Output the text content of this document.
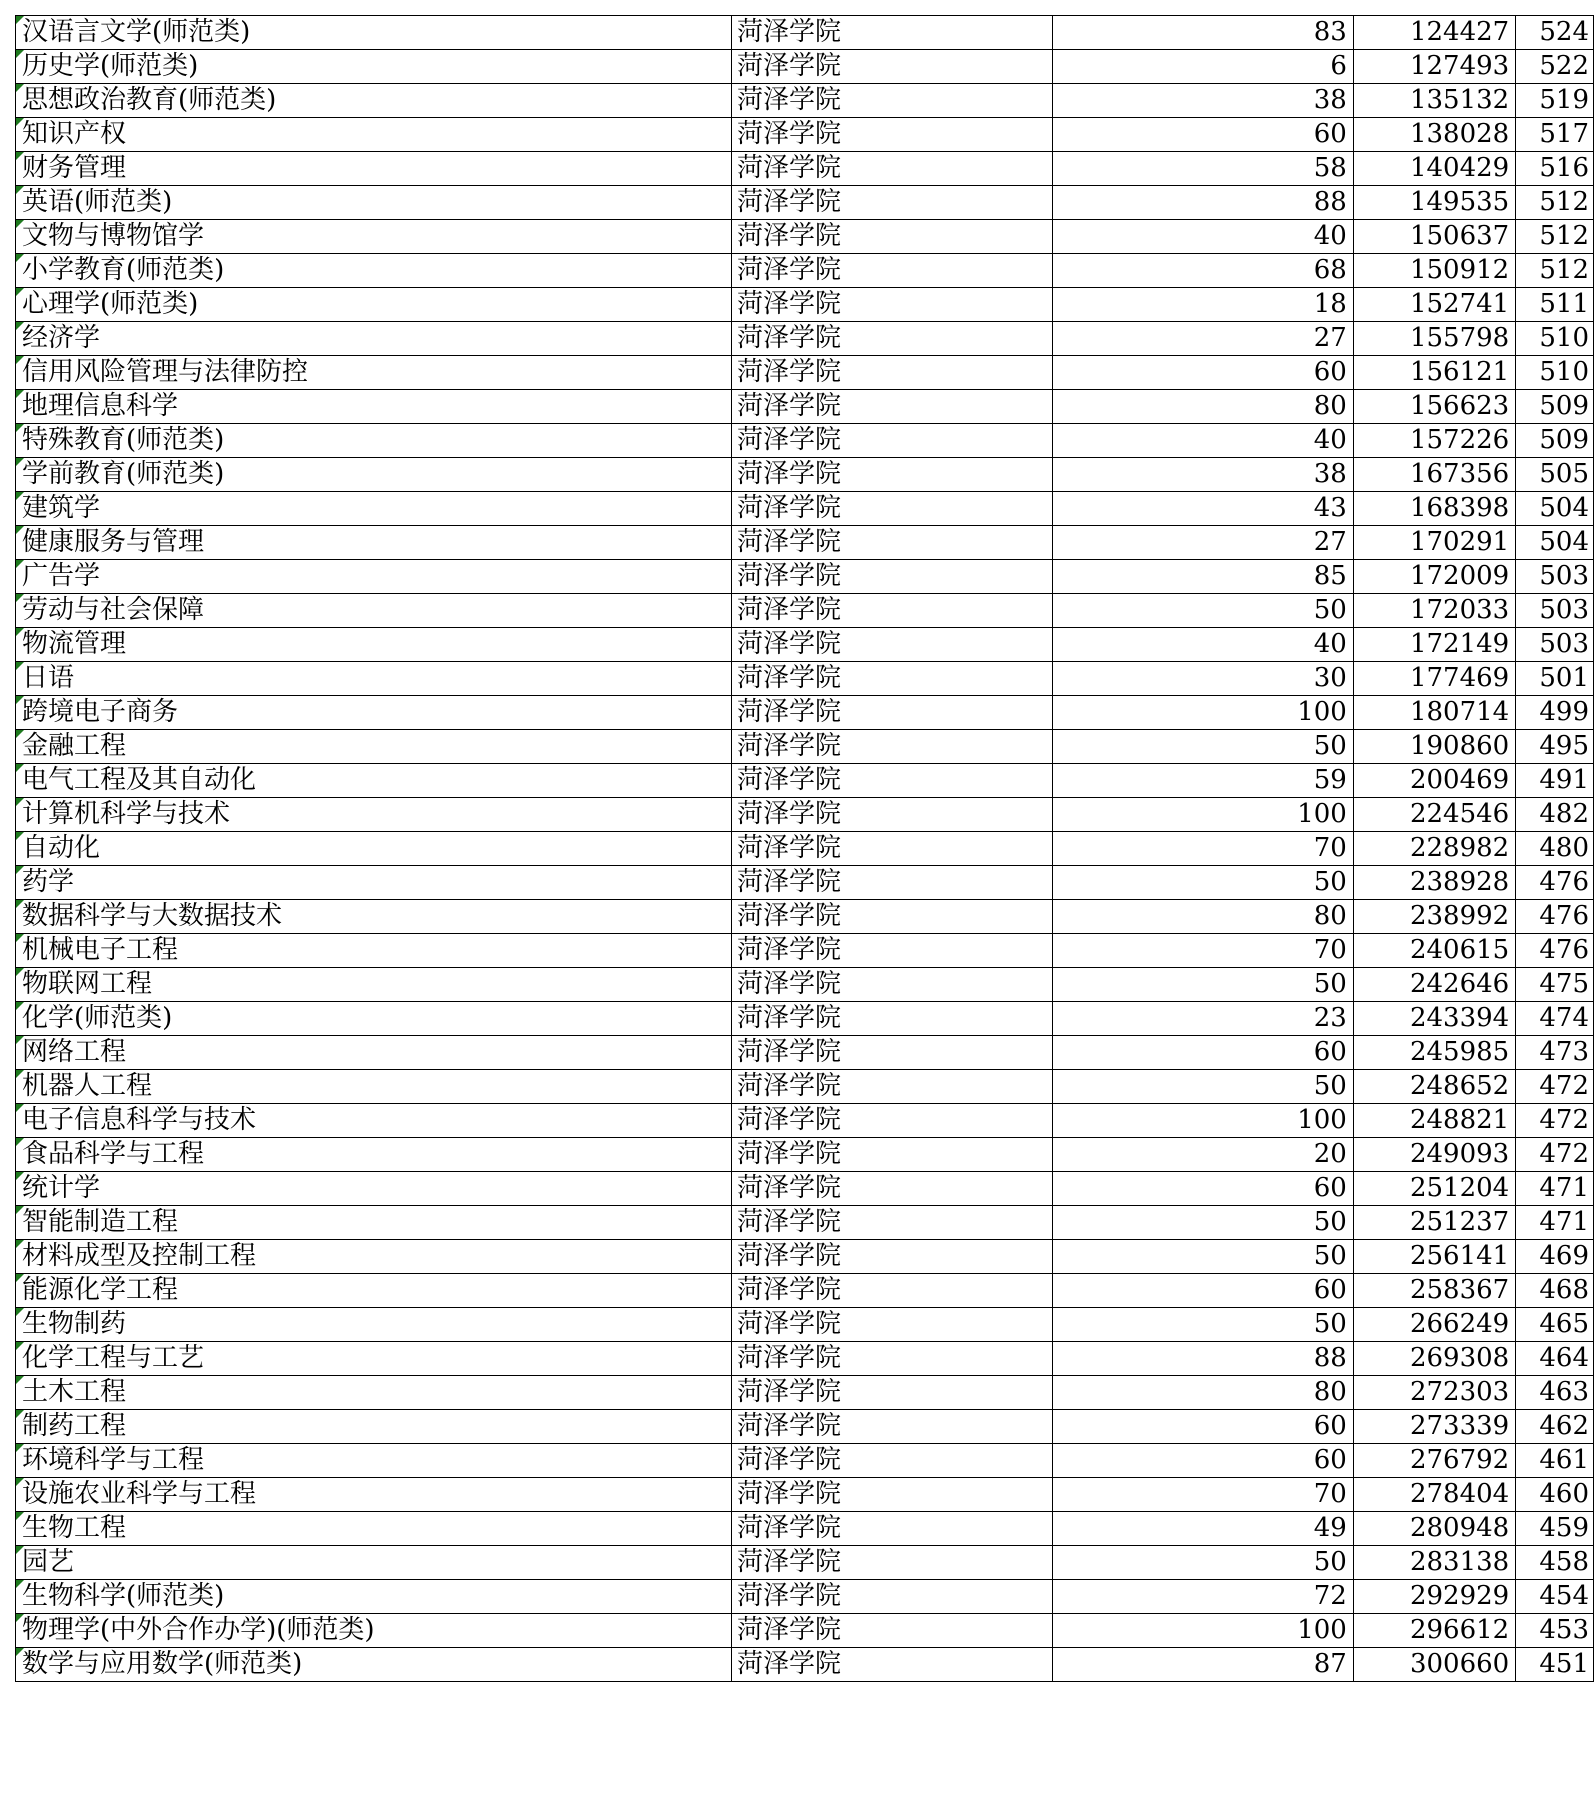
汉语言文学(师范类)	菏泽学院	83	124427	524
历史学(师范类)	菏泽学院	6	127493	522
思想政治教育(师范类)	菏泽学院	38	135132	519
知识产权	菏泽学院	60	138028	517
财务管理	菏泽学院	58	140429	516
英语(师范类)	菏泽学院	88	149535	512
文物与博物馆学	菏泽学院	40	150637	512
小学教育(师范类)	菏泽学院	68	150912	512
心理学(师范类)	菏泽学院	18	152741	511
经济学	菏泽学院	27	155798	510
信用风险管理与法律防控	菏泽学院	60	156121	510
地理信息科学	菏泽学院	80	156623	509
特殊教育(师范类)	菏泽学院	40	157226	509
学前教育(师范类)	菏泽学院	38	167356	505
建筑学	菏泽学院	43	168398	504
健康服务与管理	菏泽学院	27	170291	504
广告学	菏泽学院	85	172009	503
劳动与社会保障	菏泽学院	50	172033	503
物流管理	菏泽学院	40	172149	503
日语	菏泽学院	30	177469	501
跨境电子商务	菏泽学院	100	180714	499
金融工程	菏泽学院	50	190860	495
电气工程及其自动化	菏泽学院	59	200469	491
计算机科学与技术	菏泽学院	100	224546	482
自动化	菏泽学院	70	228982	480
药学	菏泽学院	50	238928	476
数据科学与大数据技术	菏泽学院	80	238992	476
机械电子工程	菏泽学院	70	240615	476
物联网工程	菏泽学院	50	242646	475
化学(师范类)	菏泽学院	23	243394	474
网络工程	菏泽学院	60	245985	473
机器人工程	菏泽学院	50	248652	472
电子信息科学与技术	菏泽学院	100	248821	472
食品科学与工程	菏泽学院	20	249093	472
统计学	菏泽学院	60	251204	471
智能制造工程	菏泽学院	50	251237	471
材料成型及控制工程	菏泽学院	50	256141	469
能源化学工程	菏泽学院	60	258367	468
生物制药	菏泽学院	50	266249	465
化学工程与工艺	菏泽学院	88	269308	464
土木工程	菏泽学院	80	272303	463
制药工程	菏泽学院	60	273339	462
环境科学与工程	菏泽学院	60	276792	461
设施农业科学与工程	菏泽学院	70	278404	460
生物工程	菏泽学院	49	280948	459
园艺	菏泽学院	50	283138	458
生物科学(师范类)	菏泽学院	72	292929	454
物理学(中外合作办学)(师范类)	菏泽学院	100	296612	453
数学与应用数学(师范类)	菏泽学院	87	300660	451
